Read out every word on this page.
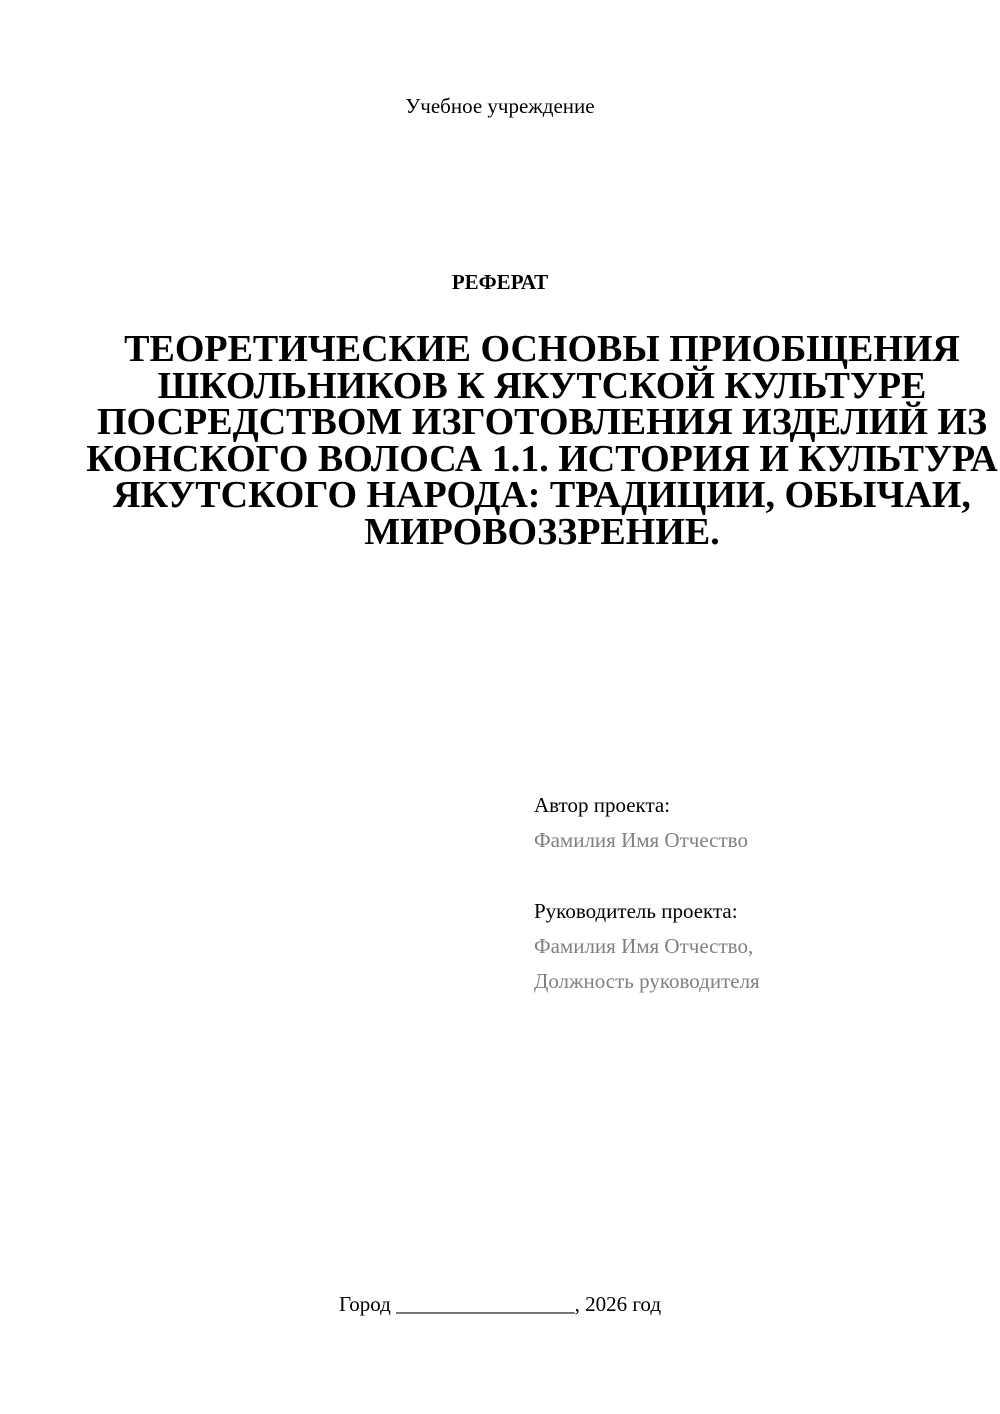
Учебное учреждение
РЕФЕРАТ
ТЕОРЕТИЧЕСКИЕ ОСНОВЫ ПРИОБЩЕНИЯ ШКОЛЬНИКОВ К ЯКУТСКОЙ КУЛЬТУРЕ ПОСРЕДСТВОМ ИЗГОТОВЛЕНИЯ ИЗДЕЛИЙ ИЗ КОНСКОГО ВОЛОСА 1.1. ИСТОРИЯ И КУЛЬТУРА ЯКУТСКОГО НАРОДА: ТРАДИЦИИ, ОБЫЧАИ, МИРОВОЗЗРЕНИЕ.
Автор проекта:
Фамилия Имя Отчество
Руководитель проекта:
Фамилия Имя Отчество,
Должность руководителя
Город _________________, 2026 год
